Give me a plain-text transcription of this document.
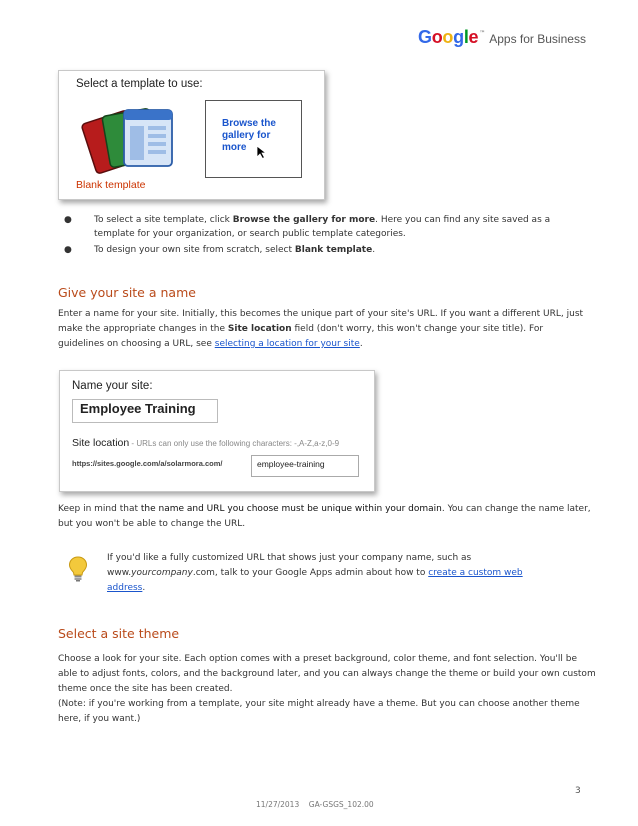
Google ™ Apps for Business
Select a template to use:
Blank template
Browse the gallery for more
● To select a site template, click Browse the gallery for more. Here you can find any site saved as a template for your organization, or search public template categories.
● To design your own site from scratch, select Blank template.
Give your site a name
Enter a name for your site. Initially, this becomes the unique part of your site's URL. If you want a different URL, just make the appropriate changes in the Site location field (don't worry, this won't change your site title). For guidelines on choosing a URL, see selecting a location for your site.
Name your site:
Employee Training
Site location - URLs can only use the following characters: -,A-Z,a-z,0-9
https://sites.google.com/a/solarmora.com/	employee-training
Keep in mind that the name and URL you choose must be unique within your domain. You can change the name later, but you won't be able to change the URL.
If you'd like a fully customized URL that shows just your company name, such as www.yourcompany.com, talk to your Google Apps admin about how to create a custom web address.
Select a site theme
Choose a look for your site. Each option comes with a preset background, color theme, and font selection. You'll be able to adjust fonts, colors, and the background later, and you can always change the theme or build your own custom theme once the site has been created.
(Note: if you're working from a template, your site might already have a theme. But you can choose another theme here, if you want.)
3
11/27/2013 GA-GSGS_102.00
